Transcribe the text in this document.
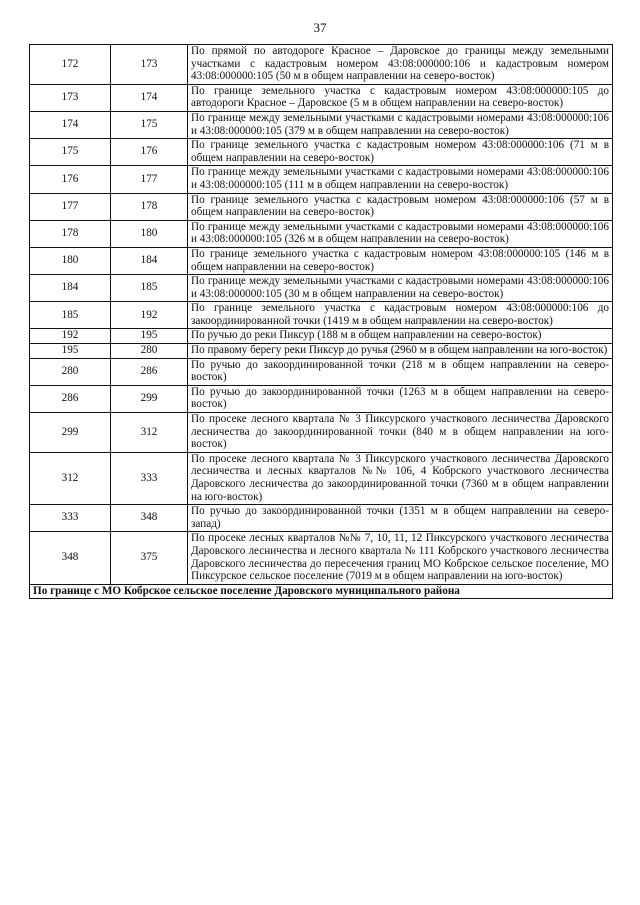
37
172	173	По прямой по автодороге Красное – Даровское до границы между земельными участками с кадастровым номером 43:08:000000:106 и кадастровым номером 43:08:000000:105 (50 м в общем направлении на северо-восток)
173	174	По границе земельного участка с кадастровым номером 43:08:000000:105 до автодороги Красное – Даровское (5 м в общем направлении на северо-восток)
174	175	По границе между земельными участками с кадастровыми номерами 43:08:000000:106 и 43:08:000000:105 (379 м в общем направлении на северо-восток)
175	176	По границе земельного участка с кадастровым номером 43:08:000000:106 (71 м в общем направлении на северо-восток)
176	177	По границе между земельными участками с кадастровыми номерами 43:08:000000:106 и 43:08:000000:105 (111 м в общем направлении на северо-восток)
177	178	По границе земельного участка с кадастровым номером 43:08:000000:106 (57 м в общем направлении на северо-восток)
178	180	По границе между земельными участками с кадастровыми номерами 43:08:000000:106 и 43:08:000000:105 (326 м в общем направлении на северо-восток)
180	184	По границе земельного участка с кадастровым номером 43:08:000000:105 (146 м в общем направлении на северо-восток)
184	185	По границе между земельными участками с кадастровыми номерами 43:08:000000:106 и 43:08:000000:105 (30 м в общем направлении на северо-восток)
185	192	По границе земельного участка с кадастровым номером 43:08:000000:106 до закоординированной точки (1419 м в общем направлении на северо-восток)
192	195	По ручью до реки Пиксур (188 м в общем направлении на северо-восток)
195	280	По правому берегу реки Пиксур до ручья (2960 м в общем направлении на юго-восток)
280	286	По ручью до закоординированной точки (218 м в общем направлении на северо-восток)
286	299	По ручью до закоординированной точки (1263 м в общем направлении на северо-восток)
299	312	По просеке лесного квартала № 3 Пиксурского участкового лесничества Даровского лесничества до закоординированной точки (840 м в общем направлении на юго-восток)
312	333	По просеке лесного квартала № 3 Пиксурского участкового лесничества Даровского лесничества и лесных кварталов №№ 106, 4 Кобрского участкового лесничества Даровского лесничества до закоординированной точки (7360 м в общем направлении на юго-восток)
333	348	По ручью до закоординированной точки (1351 м в общем направлении на северо-запад)
348	375	По просеке лесных кварталов №№ 7, 10, 11, 12 Пиксурского участкового лесничества Даровского лесничества и лесного квартала № 111 Кобрского участкового лесничества Даровского лесничества до пересечения границ МО Кобрское сельское поселение, МО Пиксурское сельское поселение (7019 м в общем направлении на юго-восток)
По границе с МО Кобрское сельское поселение Даровского муниципального района		
